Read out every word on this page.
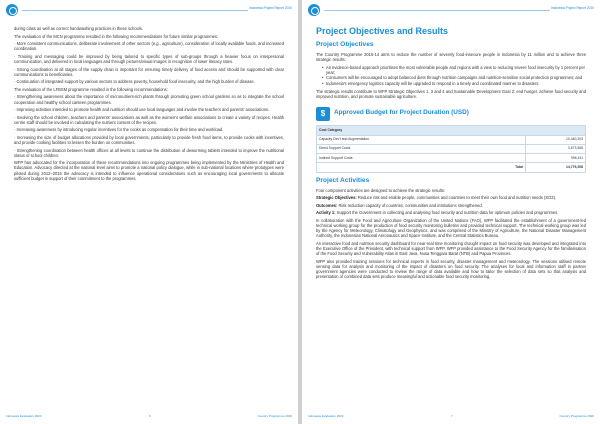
Indonesia Project Report 2020

during class as well as correct handwashing practices in these schools.

The evaluation of the MCN programme resulted in the following recommendations for future similar programmes:

· More consistent communications, deliberate involvement of other sectors (e.g., agriculture), consideration of locally available foods, and increased coordination.

· Training and messaging could be improved by being tailored to specific types of sub-groups through a heavier focus on interpersonal communication, and delivered in local languages and through pictures/visual images in recognition of lower literacy rates.

· Strong coordination at all stages of the supply chain is important for ensuring timely delivery of food access and should be supported with clear communications to beneficiaries.

· Continuation of integrated support by various sectors to address poverty, household food insecurity, and the high burden of disease.

The evaluation of the LFBSM programme resulted in the following recommendations:

· Strengthening awareness about the importance of micronutrient-rich plants through promoting green school gardens so as to integrate the school cooperation and healthy school canteen programmes.

· Improving activities intended to promote health and nutrition should use local languages and involve the teachers and parents' associations.

· Involving the school children, teachers and parents' associations as well as the women's welfare associations to create a variety of recipes. Health centre staff should be involved in calculating the nutrient content of the recipes.

· Increasing awareness by introducing regular incentives for the cooks as compensation for their time and workload.

· Increasing the size of budget allocations provided by local governments, particularly to provide fresh food items, to provide cooks with incentives, and provide cooking facilities to lessen the burden on communities.

· Strengthening coordination between health offices at all levels to continue the distribution of deworming tablets intended to improve the nutritional status of school children.

WFP has advocated for the incorporation of these recommendations into ongoing programmes being implemented by the Ministries of Health and Education. Advocacy directed at the national level aims to promote a national policy dialogue, while in sub-national locations where prototypes were piloted during 2012–2015 the advocacy is intended to influence operational considerations such as encouraging local governments to allocate sufficient budget in support of their commitment to the programmes.

Indonesia Evaluation 2020	6	Country Programme 2020
Indonesia Project Report 2020
Project Objectives and Results
Project Objectives

The Country Programme 2016-14 aims to reduce the number of severely food-insecure people in Indonesia by 11 million and to achieve three strategic results:

• An evidence-based approach prioritises the most vulnerable people and regions with a view to reducing severe food insecurity by 1 percent per year;
• Consumers will be encouraged to adopt balanced diets through nutrition campaigns and nutrition-sensitive social protection programmes; and
• Indonesia's emergency logistics capacity will be upgraded to respond in a timely and coordinated manner to disasters.

The strategic results contribute to WFP Strategic Objectives 1, 3 and 4 and Sustainable Development Goal 2: end hunger, achieve food security and improved nutrition, and promote sustainable agriculture.

$	Approved Budget for Project Duration (USD)
Cost Category	
Capacity Dev't and Augmentation	10,440,203
Direct Support Costs	3,673,565
Indirect Support Costs	996,411
Total	14,779,208
Project Activities

Four component activities are designed to achieve the strategic results:

Strategic Objectives: Reduce risk and enable people, communities and countries to meet their own food and nutrition needs (SO3).

Outcomes: Risk reduction capacity of countries, communities and institutions strengthened.

Activity 1: Support the Government in collecting and analysing food security and nutrition data for optimum policies and programmes.

In collaboration with the Food and Agriculture Organization of the United Nations (FAO), WFP facilitated the establishment of a government-led technical working group for the production of food security monitoring bulletins and provided technical support. The technical working group was led by the Agency for Meteorology, Climatology and Geophysics, and was comprised of the Ministry of Agriculture, the National Disaster Management Authority, the Indonesian National Aeronautics and Space Institute, and the Central Statistics Bureau.

An interactive food and nutrition security dashboard for near-real time monitoring drought impact on food security was developed and integrated into the Executive Office of the President, with technical support from WFP. WFP provided assistance to the Food Security Agency for the familiarisation of the Food Security and Vulnerability Atlas in East Java, Nusa Tenggara Barat (NTB) and Papua Provinces.

WFP also provided training sessions for technical experts in food security, disaster management and meteorology. The sessions utilised remote sensing data for analysis and monitoring of the impact of disasters on food security. The analyses for local and information staff in partner government agencies were conducted to review the range of data available and how to tailor the selection of data sets so that analysis and presentation of combined data sets produce meaningful and actionable food security monitoring.

Indonesia Evaluation 2020	7	Country Programme 2020
